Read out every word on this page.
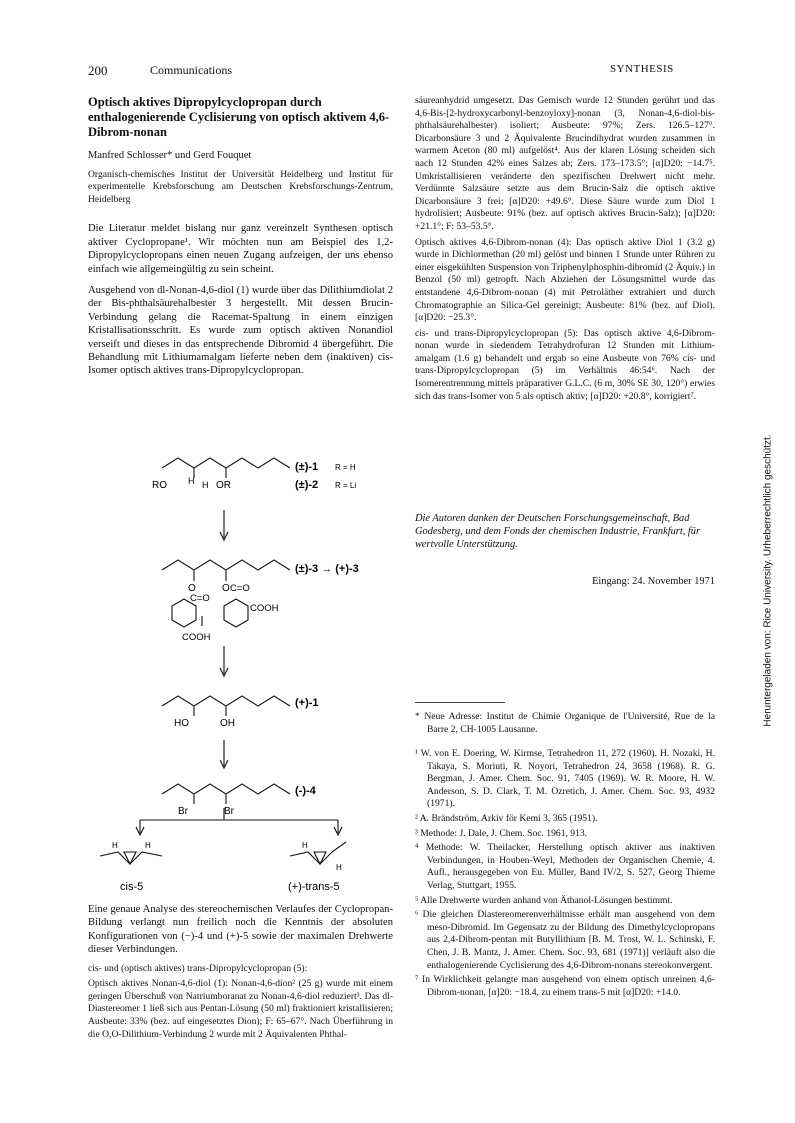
200	Communications	SYNTHESIS

Optisch aktives Dipropylcyclopropan durch enthalogenierende Cyclisierung von optisch aktivem 4,6-Dibrom-nonan

Manfred Schlosser* und Gerd Fouquet

Organisch-chemisches Institut der Universität Heidelberg und Institut für experimentelle Krebsforschung am Deutschen Krebsforschungs-Zentrum, Heidelberg

Die Literatur meldet bislang nur ganz vereinzelt Synthesen optisch aktiver Cyclopropane¹. Wir möchten nun am Beispiel des 1,2-Dipropylcyclopropans einen neuen Zugang aufzeigen, der uns ebenso einfach wie allgemeingültig zu sein scheint.

Ausgehend von dl-Nonan-4,6-diol (1) wurde über das Dilithiumdiolat 2 der Bis-phthalsäurehalbester 3 hergestellt. Mit dessen Brucin-Verbindung gelang die Racemat-Spaltung in einem einzigen Kristallisationsschritt. Es wurde zum optisch aktiven Nonandiol verseift und dieses in das entsprechende Dibromid 4 übergeführt. Die Behandlung mit Lithiumamalgam lieferte neben dem (inaktiven) cis-Isomer optisch aktives trans-Dipropylcyclopropan.

RO H H OR
(±)-1 R = H
(±)-2 R = Li
O	O
C=O
C=O
COOH
COOH
(±)-3 → (+)-3
HO	OH
(+)-1
Br	Br
(-)-4
H	H	H
H
cis-5	(+)-trans-5

Eine genaue Analyse des stereochemischen Verlaufes der Cyclopropan-Bildung verlangt nun freilich noch die Kenntnis der absoluten Konfigurationen von (−)-4 und (+)-5 sowie der maximalen Drehwerte dieser Verbindungen.

cis- und (optisch aktives) trans-Dipropylcyclopropan (5):

Optisch aktives Nonan-4,6-diol (1): Nonan-4,6-dion² (25 g) wurde mit einem geringen Überschuß von Natriumboranat zu Nonan-4,6-diol reduziert³. Das dl-Diastereomer 1 ließ sich aus Pentan-Lösung (50 ml) fraktioniert kristallisieren; Ausbeute: 33% (bez. auf eingesetztes Dion); F: 65–67°. Nach Überführung in die O,O-Dilithium-Verbindung 2 wurde mit 2 Äquivalenten Phthal-

säureanhydrid umgesetzt. Das Gemisch wurde 12 Stunden gerührt und das 4,6-Bis-[2-hydroxycarbonyl-benzoyloxy]-nonan (3, Nonan-4,6-diol-bis-phthalsäurehalbester) isoliert; Ausbeute: 97%; Zers. 126.5–127°. Dicarbonsäure 3 und 2 Äquivalente Brucindihydrat wurden zusammen in warmem Aceton (80 ml) aufgelöst⁴. Aus der klaren Lösung scheiden sich nach 12 Stunden 42% eines Salzes ab; Zers. 173–173.5°; [α]D20: −14.7⁵. Umkristallisieren veränderte den spezifischen Drehwert nicht mehr. Verdünnte Salzsäure setzte aus dem Brucin-Salz die optisch aktive Dicarbonsäure 3 frei; [α]D20: +49.6°. Diese Säure wurde zum Diol 1 hydrolisiert; Ausbeute: 91% (bez. auf optisch aktives Brucin-Salz); [α]D20: +21.1°; F: 53–53.5°.

Optisch aktives 4,6-Dibrom-nonan (4): Das optisch aktive Diol 1 (3.2 g) wurde in Dichlormethan (20 ml) gelöst und binnen 1 Stunde unter Rühren zu einer eisgekühlten Suspension von Triphenylphosphin-dibromid (2 Äquiv.) in Benzol (50 ml) getropft. Nach Abziehen der Lösungsmittel wurde das entstandene 4,6-Dibrom-nonan (4) mit Petroläther extrahiert und durch Chromatographie an Silica-Gel gereinigt; Ausbeute: 81% (bez. auf Diol). [α]D20: −25.3°.

cis- und trans-Dipropylcyclopropan (5): Das optisch aktive 4,6-Dibrom-nonan wurde in siedendem Tetrahydrofuran 12 Stunden mit Lithium-amalgam (1.6 g) behandelt und ergab so eine Ausbeute von 76% cis- und trans-Dipropylcyclopropan (5) im Verhältnis 46:54⁶. Nach der Isomerentrennung mittels präparativer G.L.C. (6 m, 30% SE 30, 120°) erwies sich das trans-Isomer von 5 als optisch aktiv; [α]D20: +20.8°, korrigiert⁷.

Die Autoren danken der Deutschen Forschungsgemeinschaft, Bad Godesberg, und dem Fonds der chemischen Industrie, Frankfurt, für wertvolle Unterstützung.

Eingang: 24. November 1971

* Neue Adresse: Institut de Chimie Organique de l'Université, Rue de la Barre 2, CH-1005 Lausanne.

¹ W. von E. Doering, W. Kirmse, Tetrahedron 11, 272 (1960). H. Nozaki, H. Takaya, S. Moriuti, R. Noyori, Tetrahedron 24, 3658 (1968). R. G. Bergman, J. Amer. Chem. Soc. 91, 7405 (1969). W. R. Moore, H. W. Anderson, S. D. Clark, T. M. Ozretich, J. Amer. Chem. Soc. 93, 4932 (1971).

² A. Brändström, Arkiv för Kemi 3, 365 (1951).

³ Methode: J. Dale, J. Chem. Soc. 1961, 913.

⁴ Methode: W. Theilacker, Herstellung optisch aktiver aus inaktiven Verbindungen, in Houben-Weyl, Methoden der Organischen Chemie, 4. Aufl., herausgegeben von Eu. Müller, Band IV/2, S. 527, Georg Thieme Verlag, Stuttgart, 1955.

⁵ Alle Drehwerte wurden anhand von Äthanol-Lösungen bestimmt.

⁶ Die gleichen Diastereomerenverhältnisse erhält man ausgehend von dem meso-Dibromid. Im Gegensatz zu der Bildung des Dimethylcyclopropans aus 2,4-Dibrom-pentan mit Butyllithium [B. M. Trost, W. L. Schinski, F. Chen, J. B. Mantz, J. Amer. Chem. Soc. 93, 681 (1971)] verläuft also die enthalogenierende Cyclisierung des 4,6-Dibrom-nonans stereokonvergent.

⁷ In Wirklichkeit gelangte man ausgehend von einem optisch unreinen 4,6-Dibrom-nonan, [α]20: −18.4, zu einem trans-5 mit [α]D20: +14.0.

Heruntergeladen von: Rice University. Urheberrechtlich geschützt.
